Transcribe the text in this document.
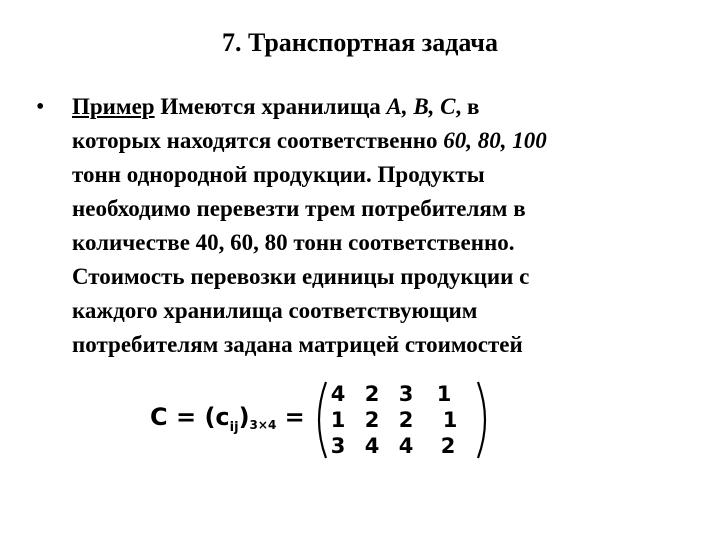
7. Транспортная задача
• Пример Имеются хранилища A, B, C, в
которых находятся соответственно 60, 80, 100
тонн однородной продукции. Продукты
необходимо перевезти трем потребителям в
количестве 40, 60, 80 тонн соответственно.
Стоимость перевозки единицы продукции с
каждого хранилища соответствующим
потребителям задана матрицей стоимостей
$C = (c_{ij})3\times 4$ =
4 2 3 1
1 2 2 1
3 4 4 2
